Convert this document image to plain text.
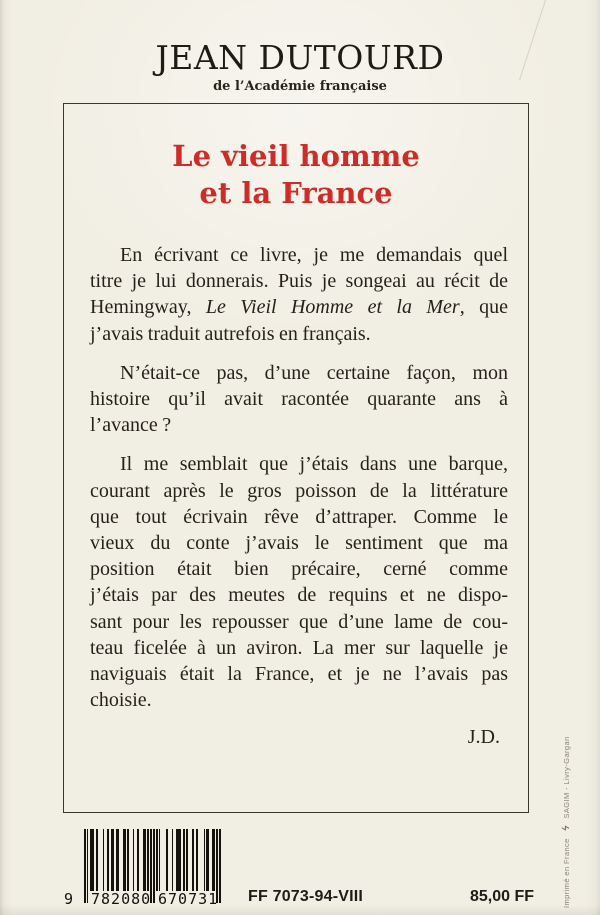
JEAN DUTOURD
de l’Académie française
Le vieil homme
et la France
En écrivant ce livre, je me demandais quel
titre je lui donnerais. Puis je songeai au récit de
Hemingway, Le Vieil Homme et la Mer, que
j’avais traduit autrefois en français.
N’était-ce pas, d’une certaine façon, mon
histoire qu’il avait racontée quarante ans à
l’avance ?
Il me semblait que j’étais dans une barque,
courant après le gros poisson de la littérature
que tout écrivain rêve d’attraper. Comme le
vieux du conte j’avais le sentiment que ma
position était bien précaire, cerné comme
j’étais par des meutes de requins et ne dispo-
sant pour les repousser que d’une lame de cou-
teau ficelée à un aviron. La mer sur laquelle je
naviguais était la France, et je ne l’avais pas
choisie.
J.D.
9 782080 670731 FF 7073-94-VIII	85,00 FF	Imprimé en FranceϟSAGIM - Livry-Gargan
